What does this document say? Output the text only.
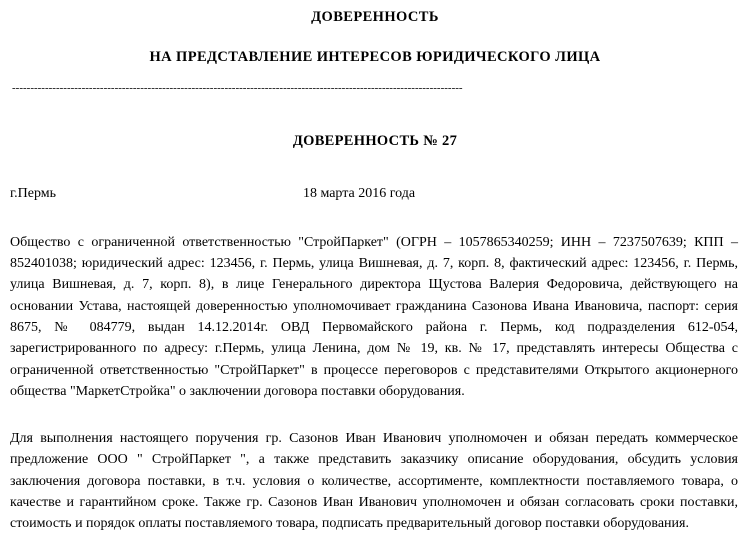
ДОВЕРЕННОСТЬ
НА ПРЕДСТАВЛЕНИЕ ИНТЕРЕСОВ ЮРИДИЧЕСКОГО ЛИЦА
---------------------------------------------------------------------------------------------------------------------------
ДОВЕРЕННОСТЬ № 27
г.Пермь	18 марта 2016 года
Общество с ограниченной ответственностью "СтройПаркет" (ОГРН – 1057865340259; ИНН – 7237507639; КПП – 852401038; юридический адрес: 123456, г. Пермь, улица Вишневая, д. 7, корп. 8, фактический адрес: 123456, г. Пермь, улица Вишневая, д. 7, корп. 8), в лице Генерального директора Щустова Валерия Федоровича, действующего на основании Устава, настоящей доверенностью уполномочивает гражданина Сазонова Ивана Ивановича, паспорт: серия 8675, № 084779, выдан 14.12.2014г. ОВД Первомайского района г. Пермь, код подразделения 612-054, зарегистрированного по адресу: г.Пермь, улица Ленина, дом № 19, кв. № 17, представлять интересы Общества с ограниченной ответственностью "СтройПаркет" в процессе переговоров с представителями Открытого акционерного общества "МаркетСтройка" о заключении договора поставки оборудования.
Для выполнения настоящего поручения гр. Сазонов Иван Иванович уполномочен и обязан передать коммерческое предложение ООО " СтройПаркет ", а также представить заказчику описание оборудования, обсудить условия заключения договора поставки, в т.ч. условия о количестве, ассортименте, комплектности поставляемого товара, о качестве и гарантийном сроке. Также гр. Сазонов Иван Иванович уполномочен и обязан согласовать сроки поставки, стоимость и порядок оплаты поставляемого товара, подписать предварительный договор поставки оборудования.
